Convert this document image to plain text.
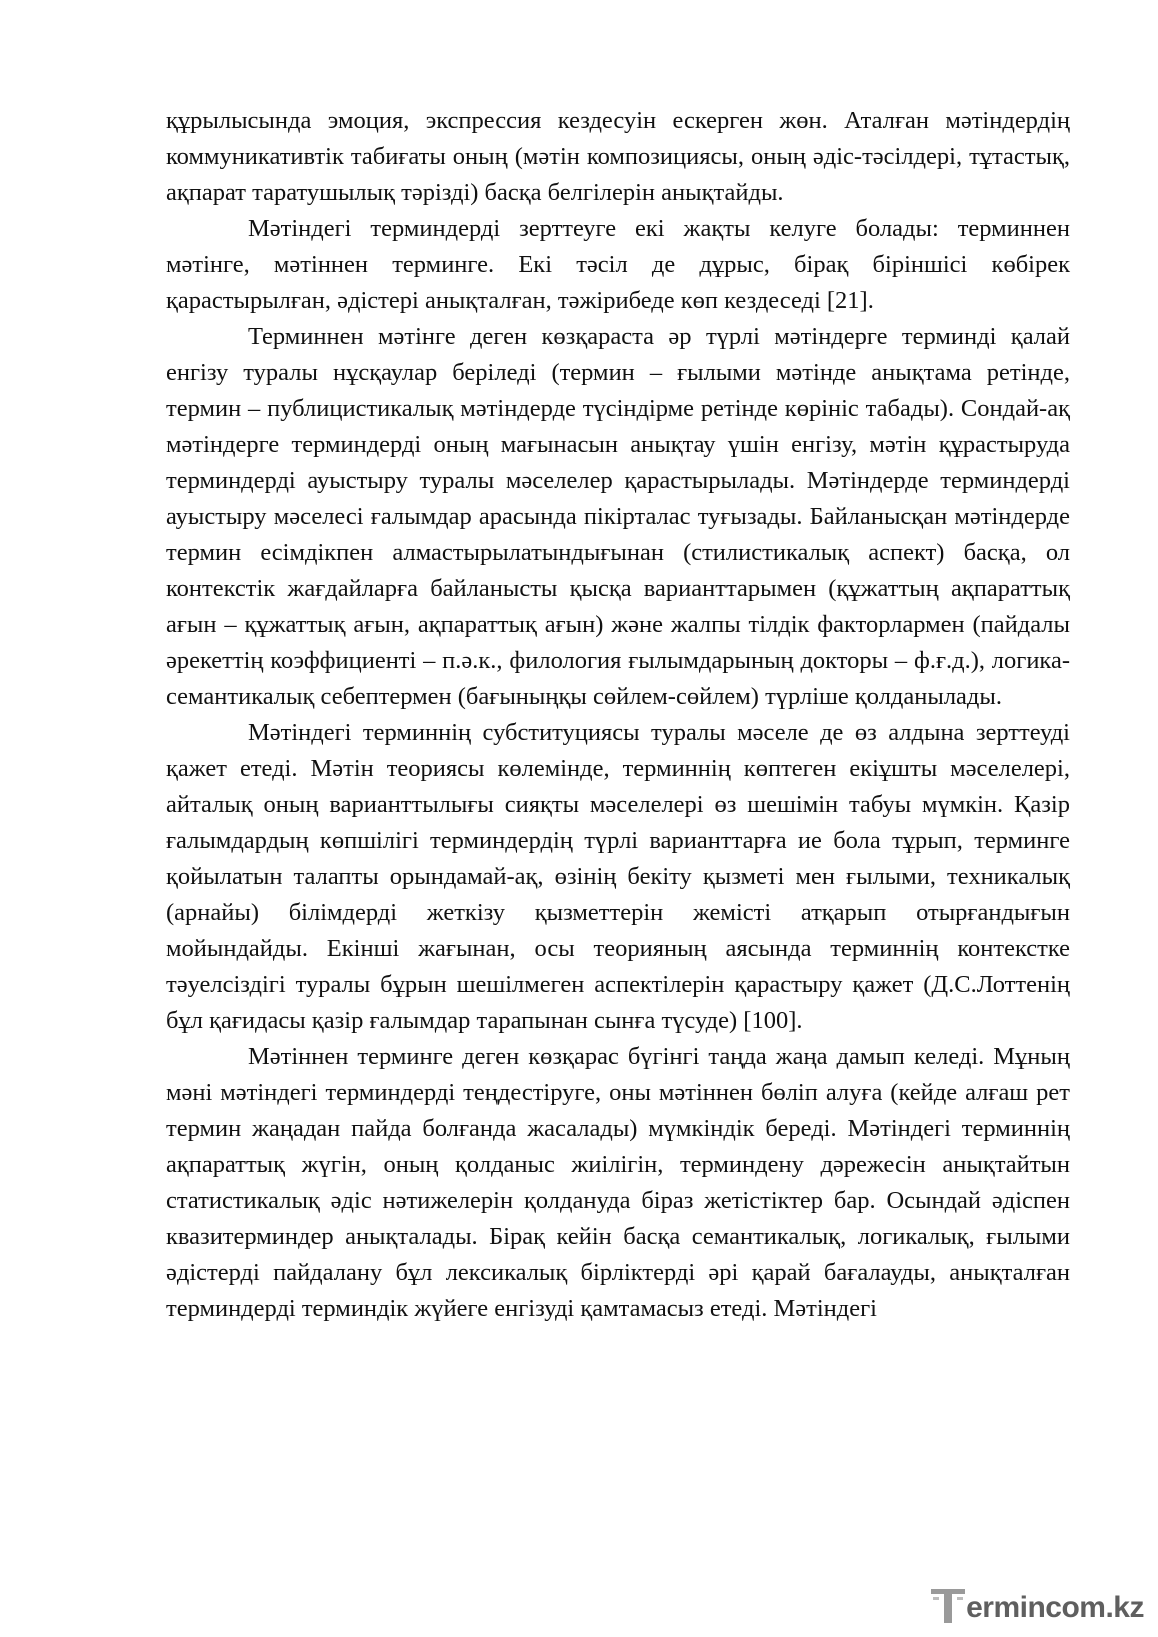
құрылысында эмоция, экспрессия кездесуін ескерген жөн. Аталған мәтіндердің коммуникативтік табиғаты оның (мәтін композициясы, оның әдіс-тәсілдері, тұтастық, ақпарат таратушылық тәрізді) басқа белгілерін анықтайды.

Мәтіндегі терминдерді зерттеуге екі жақты келуге болады: терминнен мәтінге, мәтіннен терминге. Екі тәсіл де дұрыс, бірақ біріншісі көбірек қарастырылған, әдістері анықталған, тәжірибеде көп кездеседі [21].

Терминнен мәтінге деген көзқараста әр түрлі мәтіндерге терминді қалай енгізу туралы нұсқаулар беріледі (термин – ғылыми мәтінде анықтама ретінде, термин – публицистикалық мәтіндерде түсіндірме ретінде көрініс табады). Сондай-ақ мәтіндерге терминдерді оның мағынасын анықтау үшін енгізу, мәтін құрастыруда терминдерді ауыстыру туралы мәселелер қарастырылады. Мәтіндерде терминдерді ауыстыру мәселесі ғалымдар арасында пікірталас туғызады. Байланысқан мәтіндерде термин есімдікпен алмастырылатындығынан (стилистикалық аспект) басқа, ол контекстік жағдайларға байланысты қысқа варианттарымен (құжаттың ақпараттық ағын – құжаттық ағын, ақпараттық ағын) және жалпы тілдік факторлармен (пайдалы әрекеттің коэффициенті – п.ә.к., филология ғылымдарының докторы – ф.ғ.д.), логика-семантикалық себептермен (бағыныңқы сөйлем-сөйлем) түрліше қолданылады.

Мәтіндегі терминнің субституциясы туралы мәселе де өз алдына зерттеуді қажет етеді. Мәтін теориясы көлемінде, терминнің көптеген екіұшты мәселелері, айталық оның варианттылығы сияқты мәселелері өз шешімін табуы мүмкін. Қазір ғалымдардың көпшілігі терминдердің түрлі варианттарға ие бола тұрып, терминге қойылатын талапты орындамай-ақ, өзінің бекіту қызметі мен ғылыми, техникалық (арнайы) білімдерді жеткізу қызметтерін жемісті атқарып отырғандығын мойындайды. Екінші жағынан, осы теорияның аясында терминнің контекстке тәуелсіздігі туралы бұрын шешілмеген аспектілерін қарастыру қажет (Д.С.Лоттенің бұл қағидасы қазір ғалымдар тарапынан сынға түсуде) [100].

Мәтіннен терминге деген көзқарас бүгінгі таңда жаңа дамып келеді. Мұның мәні мәтіндегі терминдерді теңдестіруге, оны мәтіннен бөліп алуға (кейде алғаш рет термин жаңадан пайда болғанда жасалады) мүмкіндік береді. Мәтіндегі терминнің ақпараттық жүгін, оның қолданыс жиілігін, терминдену дәрежесін анықтайтын статистикалық әдіс нәтижелерін қолдануда біраз жетістіктер бар. Осындай әдіспен квазитерминдер анықталады. Бірақ кейін басқа семантикалық, логикалық, ғылыми әдістерді пайдалану бұл лексикалық бірліктерді әрі қарай бағалауды, анықталған терминдерді терминдік жүйеге енгізуді қамтамасыз етеді. Мәтіндегі

ermincom.kz
